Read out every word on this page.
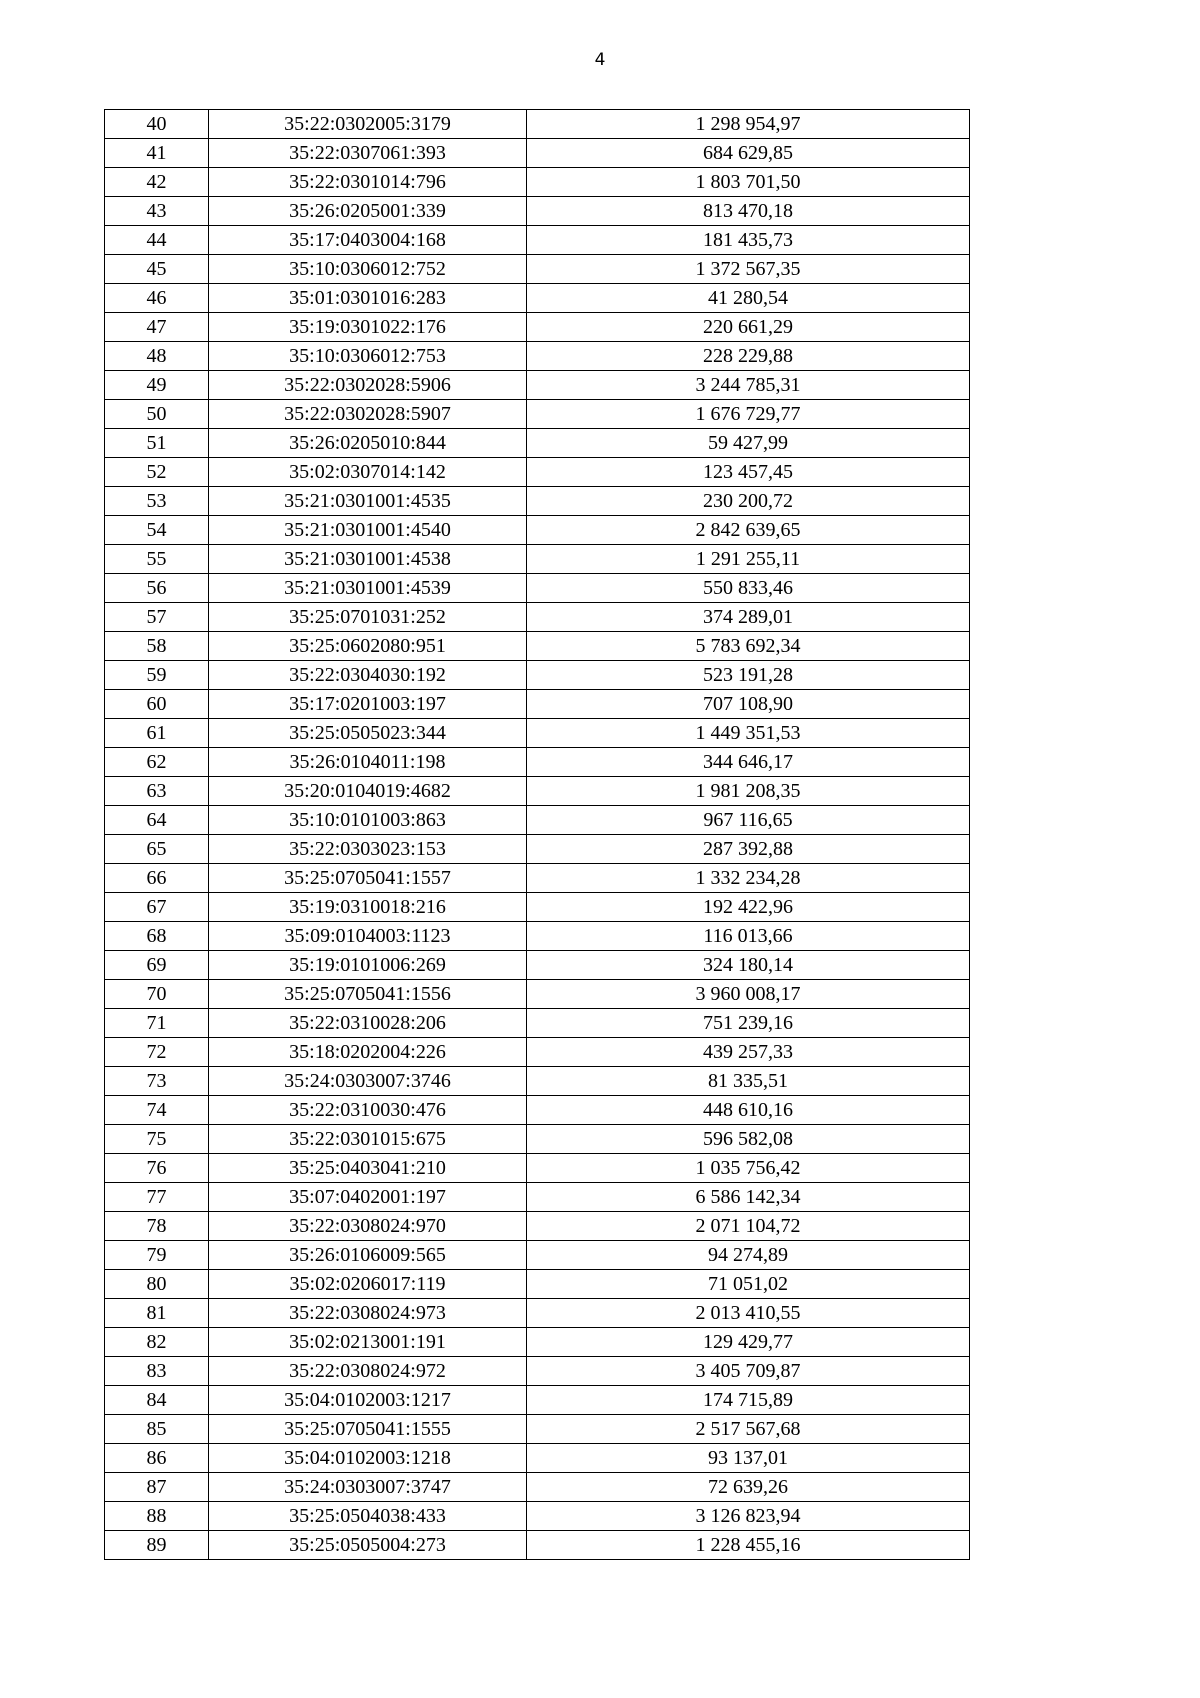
4
40	35:22:0302005:3179	1 298 954,97
41	35:22:0307061:393	684 629,85
42	35:22:0301014:796	1 803 701,50
43	35:26:0205001:339	813 470,18
44	35:17:0403004:168	181 435,73
45	35:10:0306012:752	1 372 567,35
46	35:01:0301016:283	41 280,54
47	35:19:0301022:176	220 661,29
48	35:10:0306012:753	228 229,88
49	35:22:0302028:5906	3 244 785,31
50	35:22:0302028:5907	1 676 729,77
51	35:26:0205010:844	59 427,99
52	35:02:0307014:142	123 457,45
53	35:21:0301001:4535	230 200,72
54	35:21:0301001:4540	2 842 639,65
55	35:21:0301001:4538	1 291 255,11
56	35:21:0301001:4539	550 833,46
57	35:25:0701031:252	374 289,01
58	35:25:0602080:951	5 783 692,34
59	35:22:0304030:192	523 191,28
60	35:17:0201003:197	707 108,90
61	35:25:0505023:344	1 449 351,53
62	35:26:0104011:198	344 646,17
63	35:20:0104019:4682	1 981 208,35
64	35:10:0101003:863	967 116,65
65	35:22:0303023:153	287 392,88
66	35:25:0705041:1557	1 332 234,28
67	35:19:0310018:216	192 422,96
68	35:09:0104003:1123	116 013,66
69	35:19:0101006:269	324 180,14
70	35:25:0705041:1556	3 960 008,17
71	35:22:0310028:206	751 239,16
72	35:18:0202004:226	439 257,33
73	35:24:0303007:3746	81 335,51
74	35:22:0310030:476	448 610,16
75	35:22:0301015:675	596 582,08
76	35:25:0403041:210	1 035 756,42
77	35:07:0402001:197	6 586 142,34
78	35:22:0308024:970	2 071 104,72
79	35:26:0106009:565	94 274,89
80	35:02:0206017:119	71 051,02
81	35:22:0308024:973	2 013 410,55
82	35:02:0213001:191	129 429,77
83	35:22:0308024:972	3 405 709,87
84	35:04:0102003:1217	174 715,89
85	35:25:0705041:1555	2 517 567,68
86	35:04:0102003:1218	93 137,01
87	35:24:0303007:3747	72 639,26
88	35:25:0504038:433	3 126 823,94
89	35:25:0505004:273	1 228 455,16
